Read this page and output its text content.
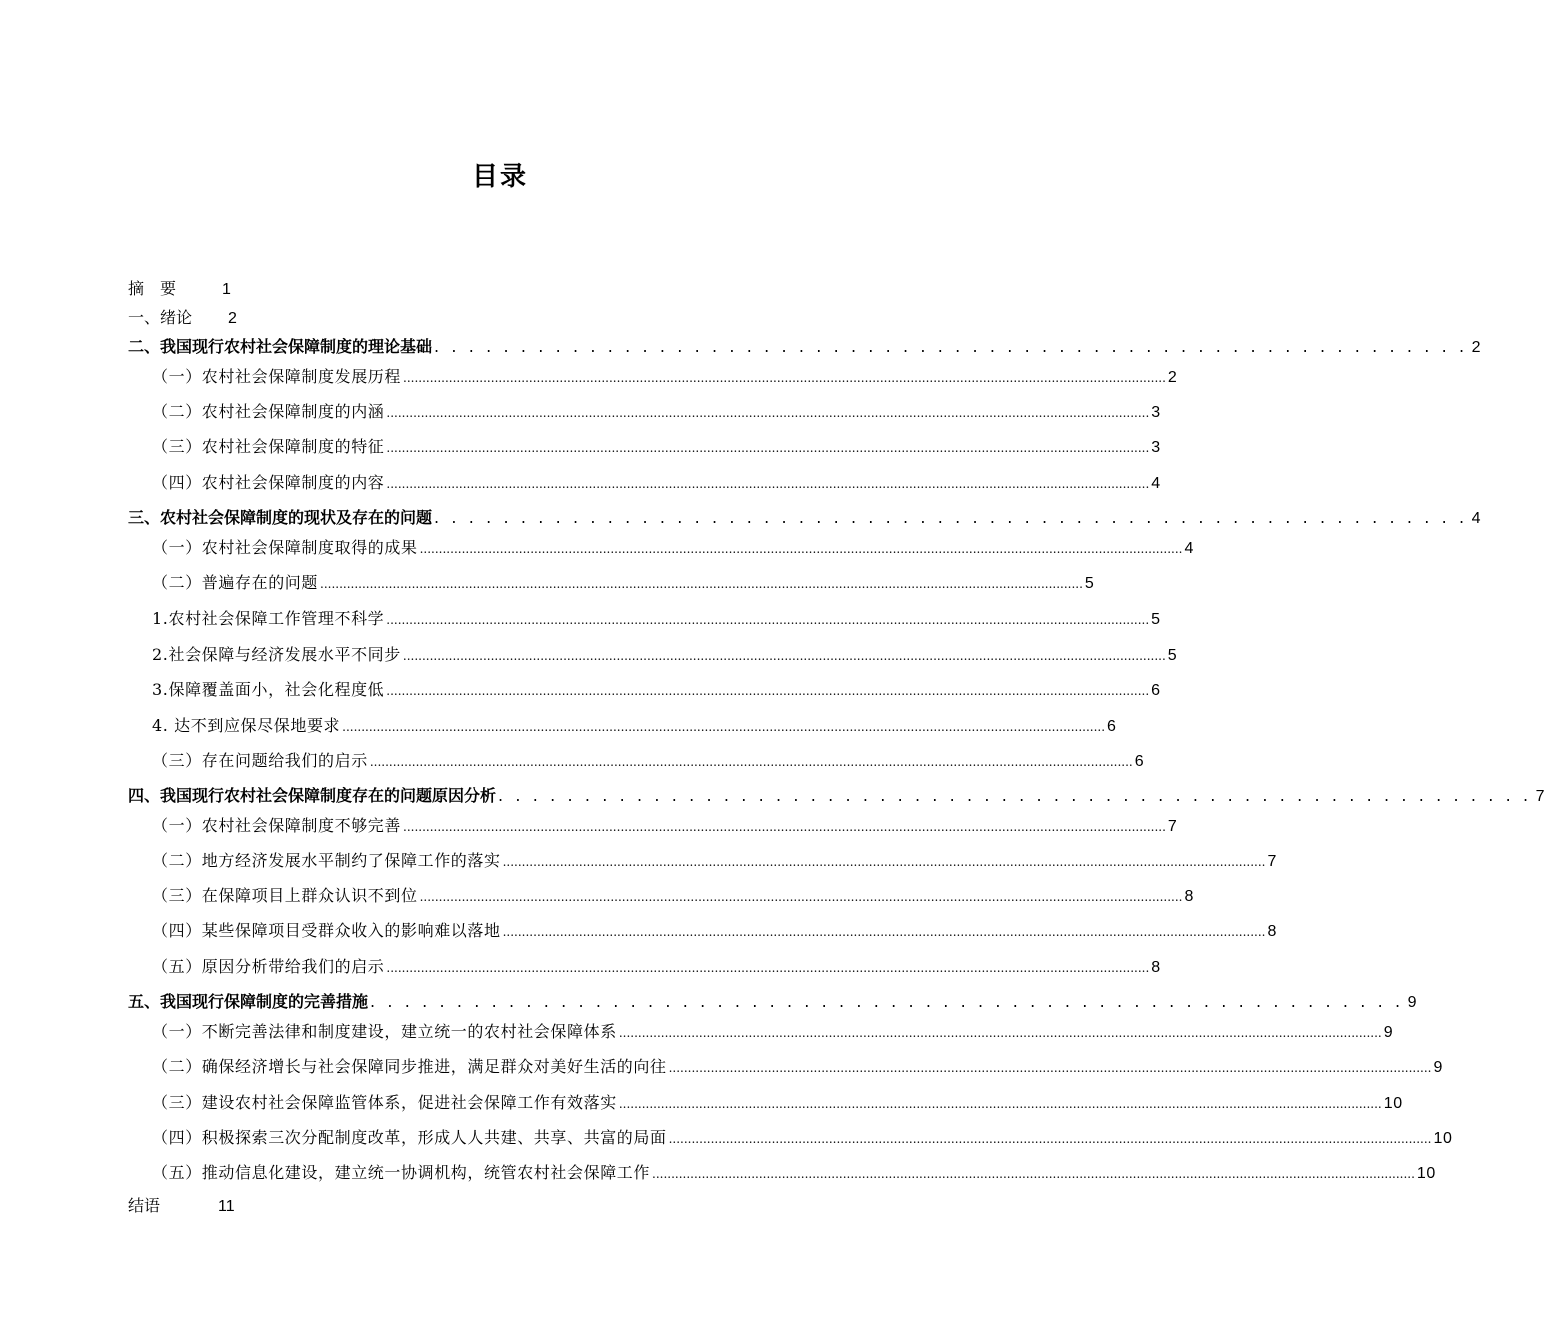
目录
摘　要	1
一、绪论 2
二、我国现行农村社会保障制度的理论基础 . . . . . . . . . . . . . . . . . . . . . . . . . . . . . . . . . . . . . . . . . . . . . . . . . . . . . . . . . . . . 2
（一）农村社会保障制度发展历程 ........................................................................................................................................................................................................ 2
（二）农村社会保障制度的内涵 ........................................................................................................................................................................................................ 3
（三）农村社会保障制度的特征 ........................................................................................................................................................................................................ 3
（四）农村社会保障制度的内容 ........................................................................................................................................................................................................ 4
三、农村社会保障制度的现状及存在的问题 . . . . . . . . . . . . . . . . . . . . . . . . . . . . . . . . . . . . . . . . . . . . . . . . . . . . . . . . . . . . 4
（一）农村社会保障制度取得的成果 ........................................................................................................................................................................................................ 4
（二）普遍存在的问题 ........................................................................................................................................................................................................ 5
1.农村社会保障工作管理不科学 ........................................................................................................................................................................................................ 5
2.社会保障与经济发展水平不同步 ........................................................................................................................................................................................................ 5
3.保障覆盖面小，社会化程度低 ........................................................................................................................................................................................................ 6
4. 达不到应保尽保地要求 ........................................................................................................................................................................................................ 6
（三）存在问题给我们的启示 ........................................................................................................................................................................................................ 6
四、我国现行农村社会保障制度存在的问题原因分析 . . . . . . . . . . . . . . . . . . . . . . . . . . . . . . . . . . . . . . . . . . . . . . . . . . . . . . . . . . . . 7
（一）农村社会保障制度不够完善 ........................................................................................................................................................................................................ 7
（二）地方经济发展水平制约了保障工作的落实 ........................................................................................................................................................................................................ 7
（三）在保障项目上群众认识不到位 ........................................................................................................................................................................................................ 8
（四）某些保障项目受群众收入的影响难以落地 ........................................................................................................................................................................................................ 8
（五）原因分析带给我们的启示 ........................................................................................................................................................................................................ 8
五、我国现行保障制度的完善措施 . . . . . . . . . . . . . . . . . . . . . . . . . . . . . . . . . . . . . . . . . . . . . . . . . . . . . . . . . . . . 9
（一）不断完善法律和制度建设，建立统一的农村社会保障体系 ........................................................................................................................................................................................................ 9
（二）确保经济增长与社会保障同步推进，满足群众对美好生活的向往 ........................................................................................................................................................................................................ 9
（三）建设农村社会保障监管体系，促进社会保障工作有效落实 ........................................................................................................................................................................................................ 10
（四）积极探索三次分配制度改革，形成人人共建、共享、共富的局面 ........................................................................................................................................................................................................ 10
（五）推动信息化建设，建立统一协调机构，统管农村社会保障工作 ........................................................................................................................................................................................................ 10
结语	11
